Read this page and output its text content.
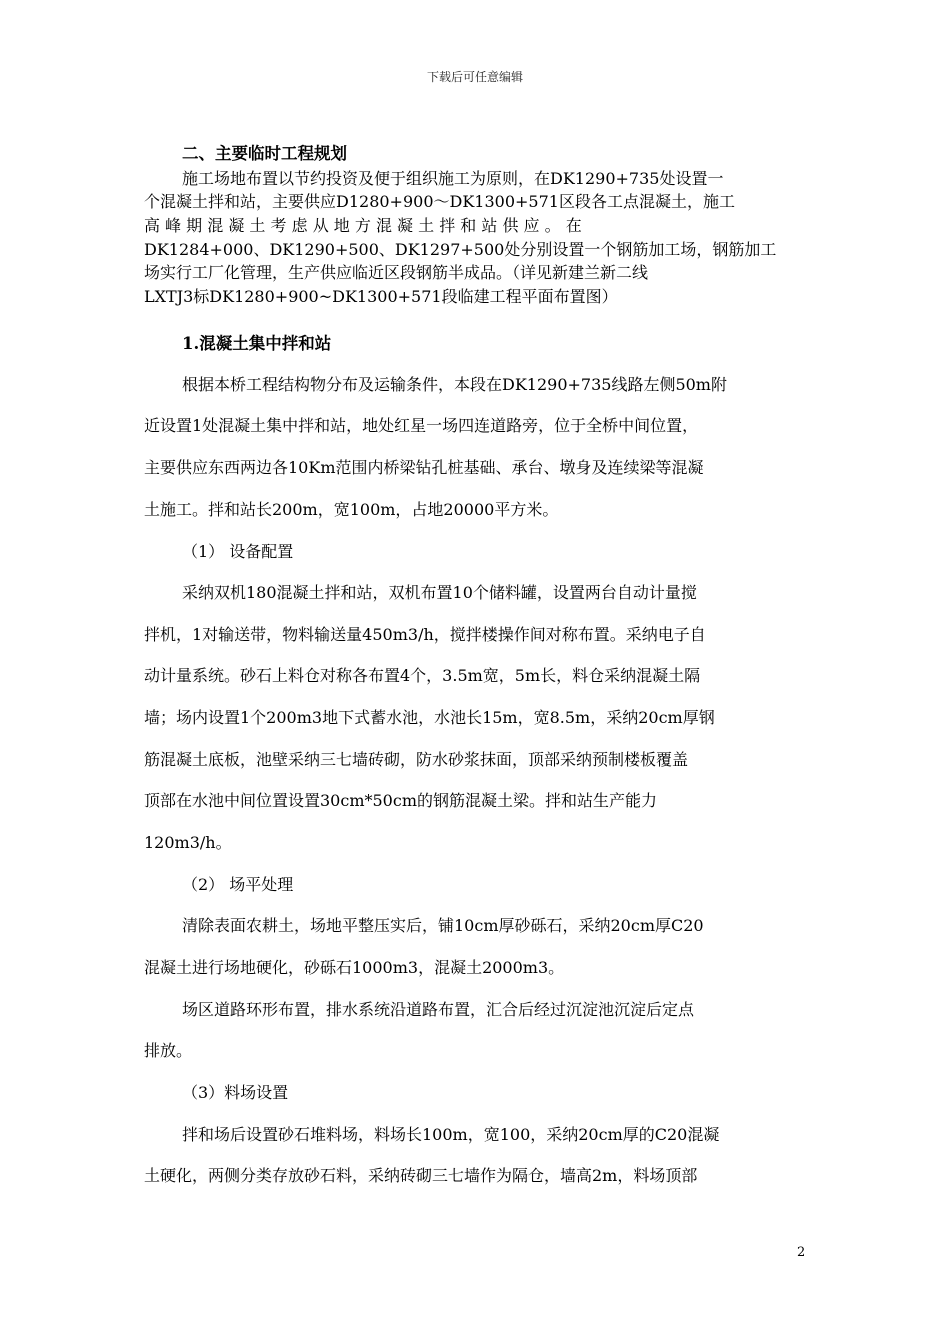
下载后可任意编辑
二、主要临时工程规划
施工场地布置以节约投资及便于组织施工为原则，在DK1290+735处设置一
个混凝土拌和站，主要供应D1280+900～DK1300+571区段各工点混凝土，施工
高 峰 期 混 凝 土 考 虑 从 地 方 混 凝 土 拌 和 站 供 应 。 在
DK1284+000、DK1290+500、DK1297+500处分别设置一个钢筋加工场，钢筋加工
场实行工厂化管理，生产供应临近区段钢筋半成品。（详见新建兰新二线
LXTJ3标DK1280+900~DK1300+571段临建工程平面布置图）
1.混凝土集中拌和站
根据本桥工程结构物分布及运输条件，本段在DK1290+735线路左侧50m附
近设置1处混凝土集中拌和站，地处红星一场四连道路旁，位于全桥中间位置，
主要供应东西两边各10Km范围内桥梁钻孔桩基础、承台、墩身及连续梁等混凝
土施工。拌和站长200m，宽100m，占地20000平方米。
（1） 设备配置
采纳双机180混凝土拌和站，双机布置10个储料罐，设置两台自动计量搅
拌机，1对输送带，物料输送量450m3/h，搅拌楼操作间对称布置。采纳电子自
动计量系统。砂石上料仓对称各布置4个，3.5m宽，5m长，料仓采纳混凝土隔
墙；场内设置1个200m3地下式蓄水池，水池长15m，宽8.5m，采纳20cm厚钢
筋混凝土底板，池壁采纳三七墙砖砌，防水砂浆抹面，顶部采纳预制楼板覆盖
顶部在水池中间位置设置30cm*50cm的钢筋混凝土梁。拌和站生产能力
120m3/h。
（2） 场平处理
清除表面农耕土，场地平整压实后，铺10cm厚砂砾石，采纳20cm厚C20
混凝土进行场地硬化，砂砾石1000m3，混凝土2000m3。
场区道路环形布置，排水系统沿道路布置，汇合后经过沉淀池沉淀后定点
排放。
（3）料场设置
拌和场后设置砂石堆料场，料场长100m，宽100，采纳20cm厚的C20混凝
土硬化，两侧分类存放砂石料，采纳砖砌三七墙作为隔仓，墙高2m，料场顶部
2
